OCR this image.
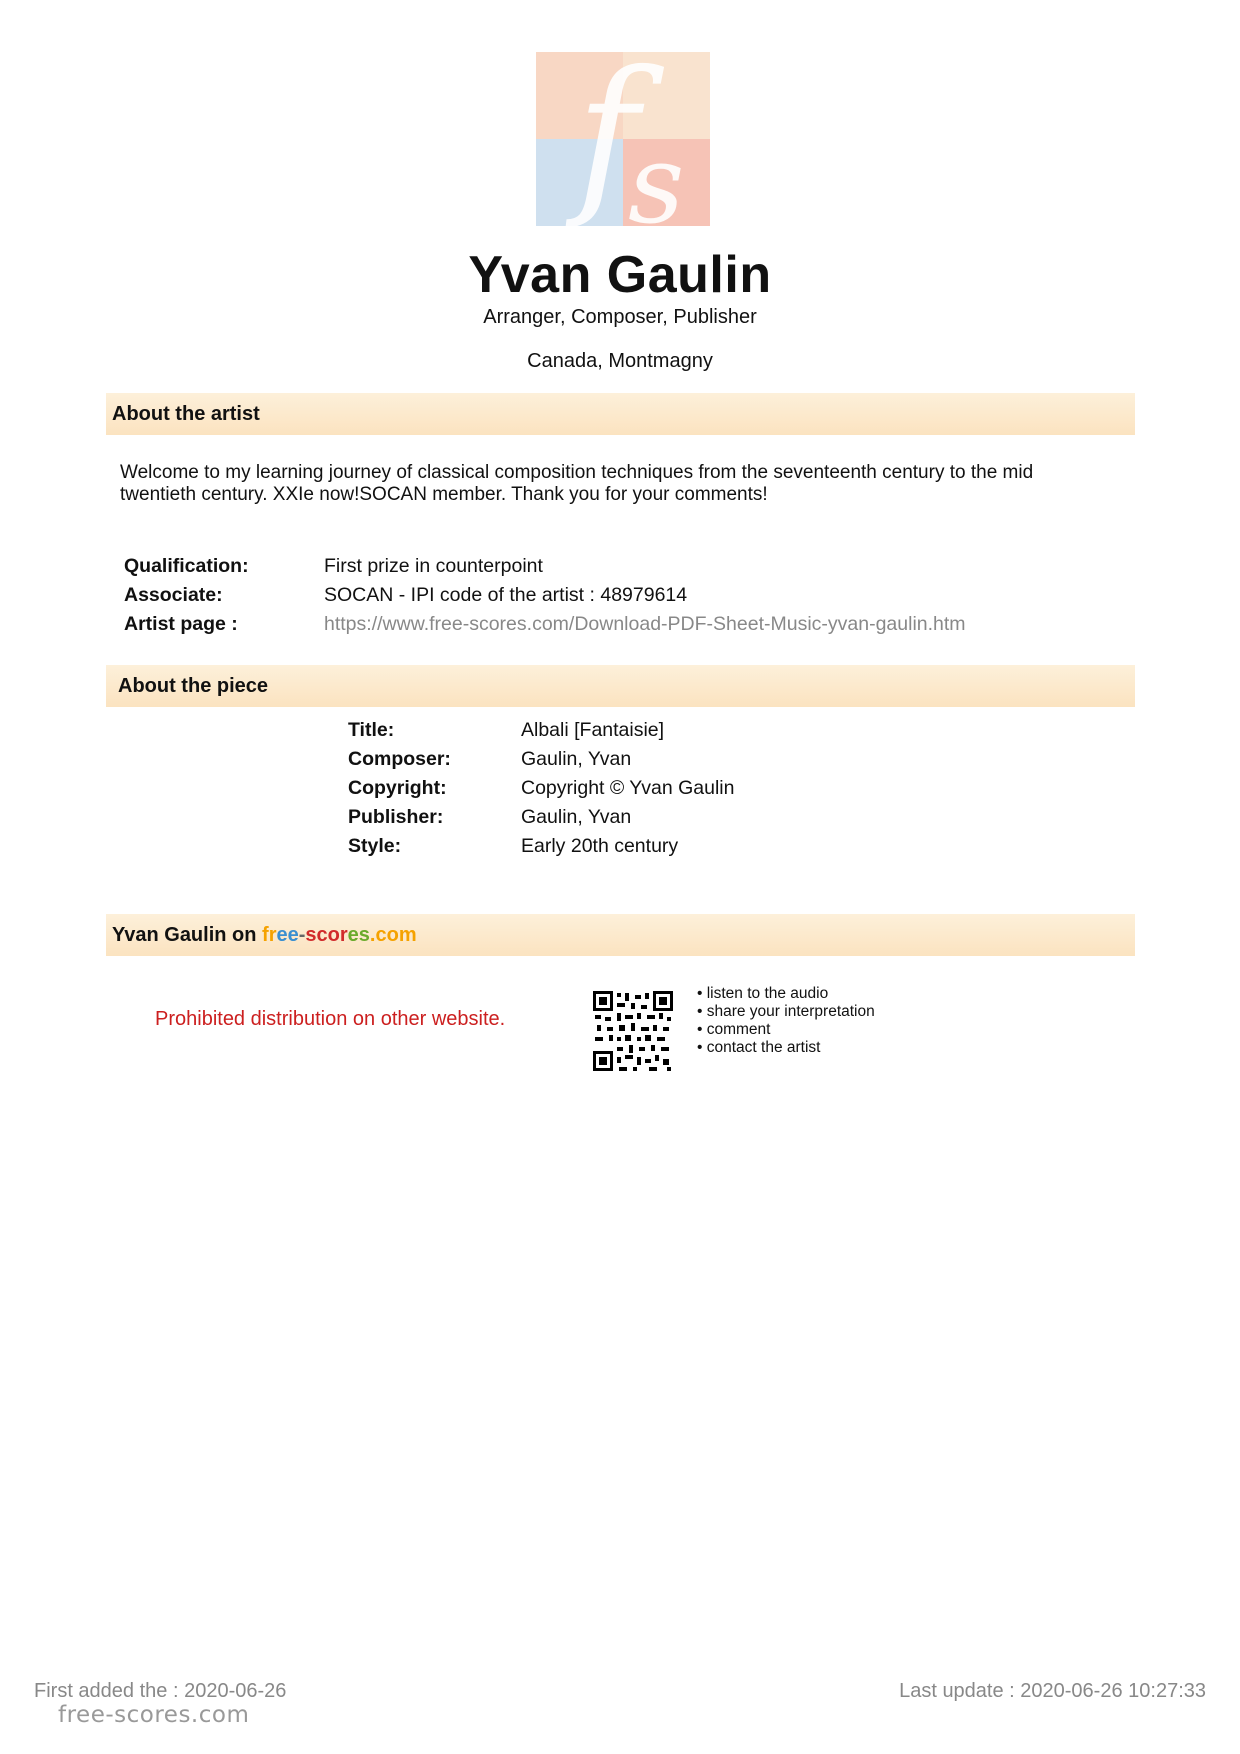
f
s
Yvan Gaulin
Arranger, Composer, Publisher
Canada, Montmagny
About the artist
Welcome to my learning journey of classical composition techniques from the seventeenth century to the mid twentieth century. XXIe now!SOCAN member. Thank you for your comments!
Qualification:	First prize in counterpoint
Associate:	SOCAN - IPI code of the artist : 48979614
Artist page :	https://www.free-scores.com/Download-PDF-Sheet-Music-yvan-gaulin.htm
About the piece
Title:	Albali [Fantaisie]
Composer:	Gaulin, Yvan
Copyright:	Copyright © Yvan Gaulin
Publisher:	Gaulin, Yvan
Style:	Early 20th century
Yvan Gaulin on free-scores.com
Prohibited distribution on other website.
• listen to the audio
• share your interpretation
• comment
• contact the artist
First added the : 2020-06-26	Last update : 2020-06-26 10:27:33
free-scores.com
